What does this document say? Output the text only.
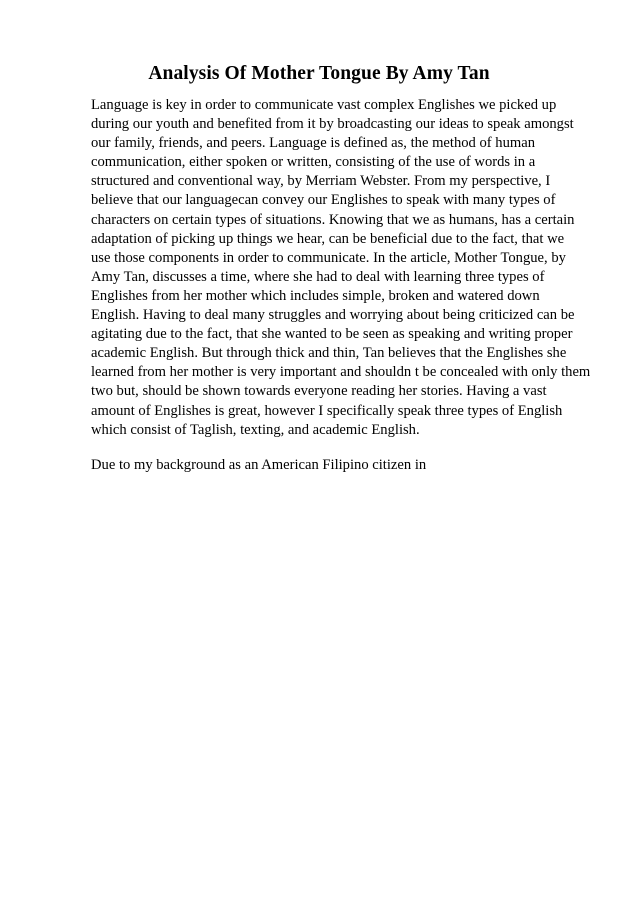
Analysis Of Mother Tongue By Amy Tan
Language is key in order to communicate vast complex Englishes we picked up
during our youth and benefited from it by broadcasting our ideas to speak amongst
our family, friends, and peers. Language is defined as, the method of human
communication, either spoken or written, consisting of the use of words in a
structured and conventional way, by Merriam Webster. From my perspective, I
believe that our languagecan convey our Englishes to speak with many types of
characters on certain types of situations. Knowing that we as humans, has a certain
adaptation of picking up things we hear, can be beneficial due to the fact, that we
use those components in order to communicate. In the article, Mother Tongue, by
Amy Tan, discusses a time, where she had to deal with learning three types of
Englishes from her mother which includes simple, broken and watered down
English. Having to deal many struggles and worrying about being criticized can be
agitating due to the fact, that she wanted to be seen as speaking and writing proper
academic English. But through thick and thin, Tan believes that the Englishes she
learned from her mother is very important and shouldn t be concealed with only them
two but, should be shown towards everyone reading her stories. Having a vast
amount of Englishes is great, however I specifically speak three types of English
which consist of Taglish, texting, and academic English.
Due to my background as an American Filipino citizen in
